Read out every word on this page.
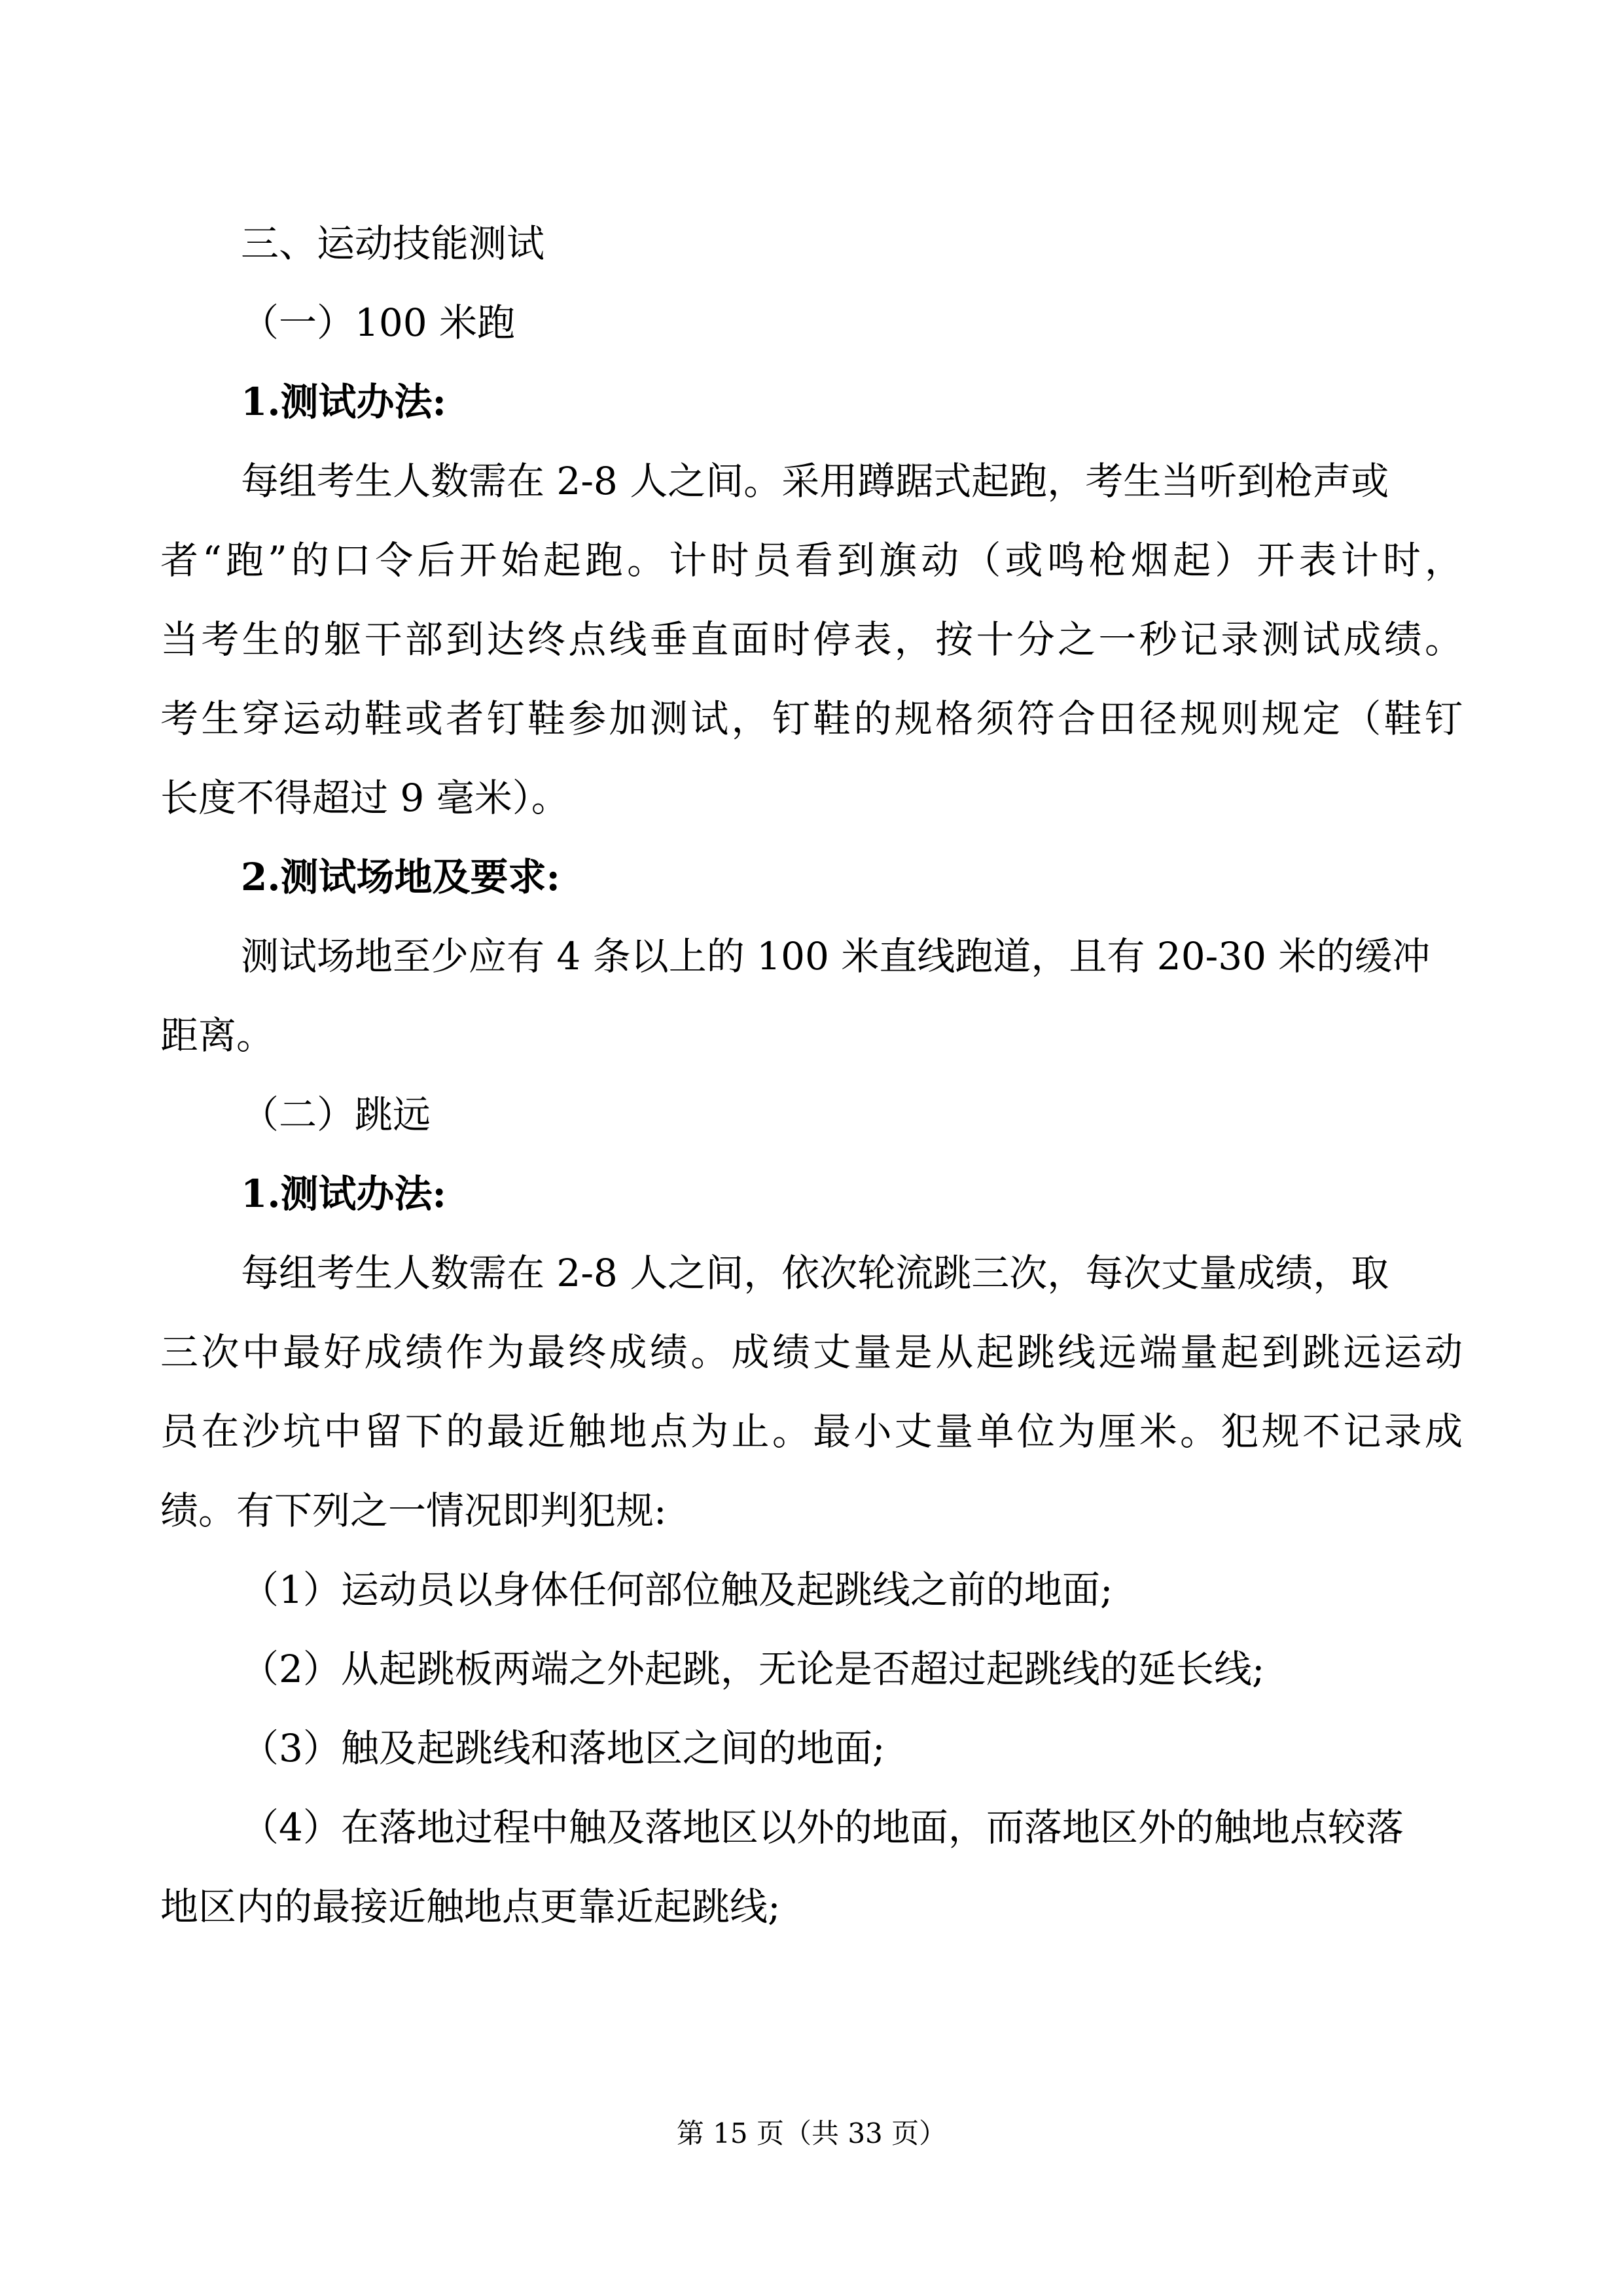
三、运动技能测试
（一）100 米跑
1.测试办法:
每组考生人数需在 2-8 人之间。采用蹲踞式起跑，考生当听到枪声或
者“跑”的口令后开始起跑。计时员看到旗动（或鸣枪烟起）开表计时，
当考生的躯干部到达终点线垂直面时停表，按十分之一秒记录测试成绩。
考生穿运动鞋或者钉鞋参加测试，钉鞋的规格须符合田径规则规定（鞋钉
长度不得超过 9 毫米）。
2.测试场地及要求:
测试场地至少应有 4 条以上的 100 米直线跑道，且有 20-30 米的缓冲
距离。
（二）跳远
1.测试办法:
每组考生人数需在 2-8 人之间，依次轮流跳三次，每次丈量成绩，取
三次中最好成绩作为最终成绩。成绩丈量是从起跳线远端量起到跳远运动
员在沙坑中留下的最近触地点为止。最小丈量单位为厘米。犯规不记录成
绩。有下列之一情况即判犯规:
（1）运动员以身体任何部位触及起跳线之前的地面;
（2）从起跳板两端之外起跳，无论是否超过起跳线的延长线;
（3）触及起跳线和落地区之间的地面;
（4）在落地过程中触及落地区以外的地面，而落地区外的触地点较落
地区内的最接近触地点更靠近起跳线;
第 15 页（共 33 页）
